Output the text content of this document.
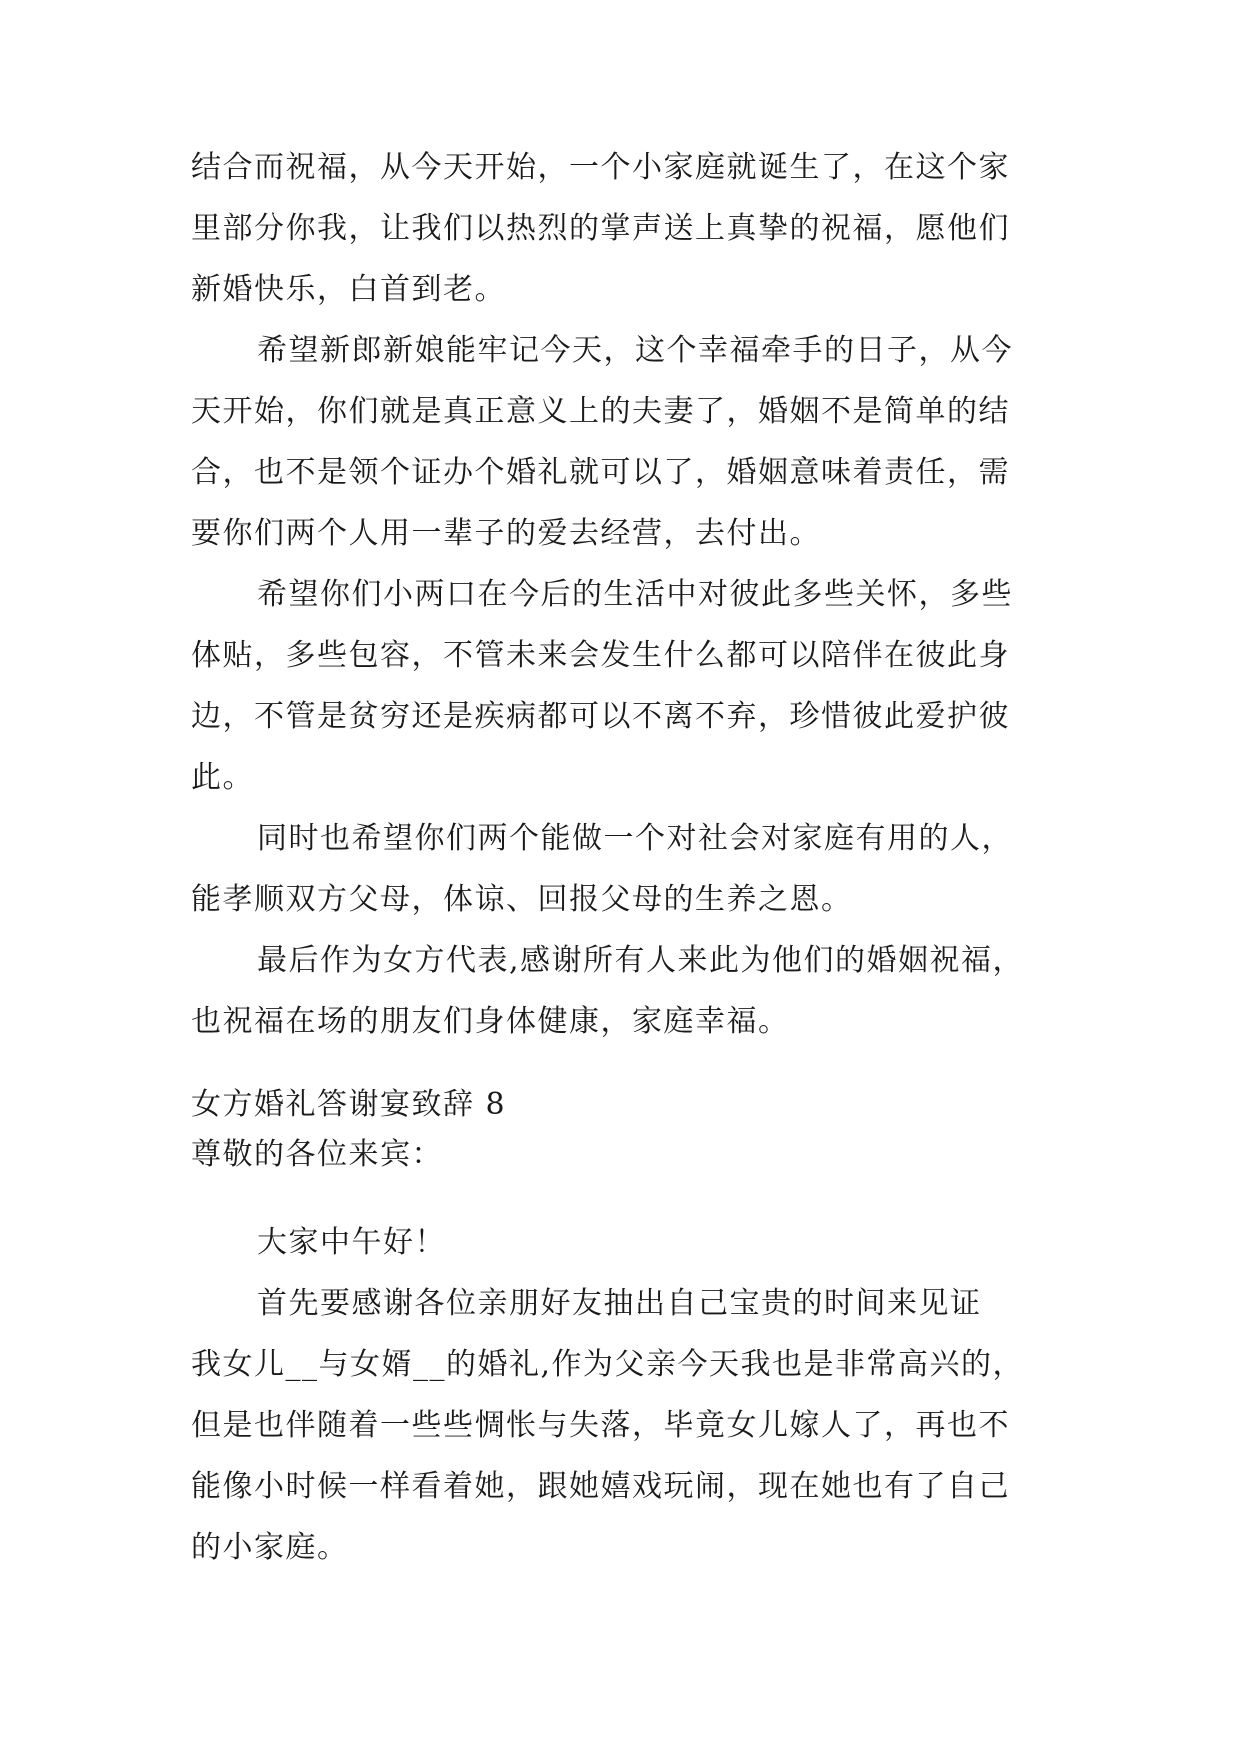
结合而祝福，从今天开始，一个小家庭就诞生了，在这个家
里部分你我，让我们以热烈的掌声送上真挚的祝福，愿他们
新婚快乐，白首到老。
希望新郎新娘能牢记今天，这个幸福牵手的日子，从今
天开始，你们就是真正意义上的夫妻了，婚姻不是简单的结
合，也不是领个证办个婚礼就可以了，婚姻意味着责任，需
要你们两个人用一辈子的爱去经营，去付出。
希望你们小两口在今后的生活中对彼此多些关怀，多些
体贴，多些包容，不管未来会发生什么都可以陪伴在彼此身
边，不管是贫穷还是疾病都可以不离不弃，珍惜彼此爱护彼
此。
同时也希望你们两个能做一个对社会对家庭有用的人，
能孝顺双方父母，体谅、回报父母的生养之恩。
最后作为女方代表,感谢所有人来此为他们的婚姻祝福，
也祝福在场的朋友们身体健康，家庭幸福。
女方婚礼答谢宴致辞 8
尊敬的各位来宾：
大家中午好！
首先要感谢各位亲朋好友抽出自己宝贵的时间来见证
我女儿__与女婿__的婚礼,作为父亲今天我也是非常高兴的，
但是也伴随着一些些惆怅与失落，毕竟女儿嫁人了，再也不
能像小时候一样看着她，跟她嬉戏玩闹，现在她也有了自己
的小家庭。
